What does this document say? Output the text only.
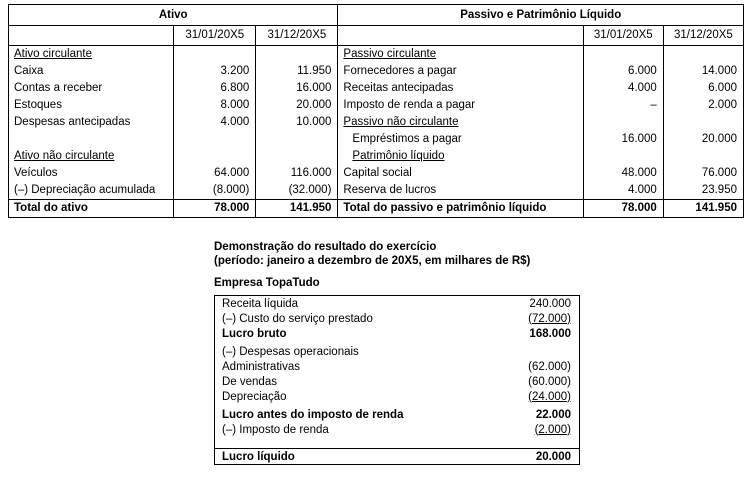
Ativo			Passivo e Patrimônio Líquido		
	31/01/20X5	31/12/20X5		31/01/20X5	31/12/20X5
Ativo circulante			Passivo circulante		
Caixa	3.200	11.950	Fornecedores a pagar	6.000	14.000
Contas a receber	6.800	16.000	Receitas antecipadas	4.000	6.000
Estoques	8.000	20.000	Imposto de renda a pagar	–	2.000
Despesas antecipadas	4.000	10.000	Passivo não circulante		
			Empréstimos a pagar	16.000	20.000
Ativo não circulante			Patrimônio líquido		
Veículos	64.000	116.000	Capital social	48.000	76.000
(–) Depreciação acumulada	(8.000)	(32.000)	Reserva de lucros	4.000	23.950
Total do ativo	78.000	141.950	Total do passivo e patrimônio líquido	78.000	141.950
Demonstração do resultado do exercício
(período: janeiro a dezembro de 20X5, em milhares de R$)
Empresa TopaTudo
Receita líquida	240.000
(–) Custo do serviço prestado	(72.000)
Lucro bruto	168.000
(–) Despesas operacionais	
Administrativas	(62.000)
De vendas	(60.000)
Depreciação	(24.000)
Lucro antes do imposto de renda	22.000
(–) Imposto de renda	(2.000)

Lucro líquido	20.000
